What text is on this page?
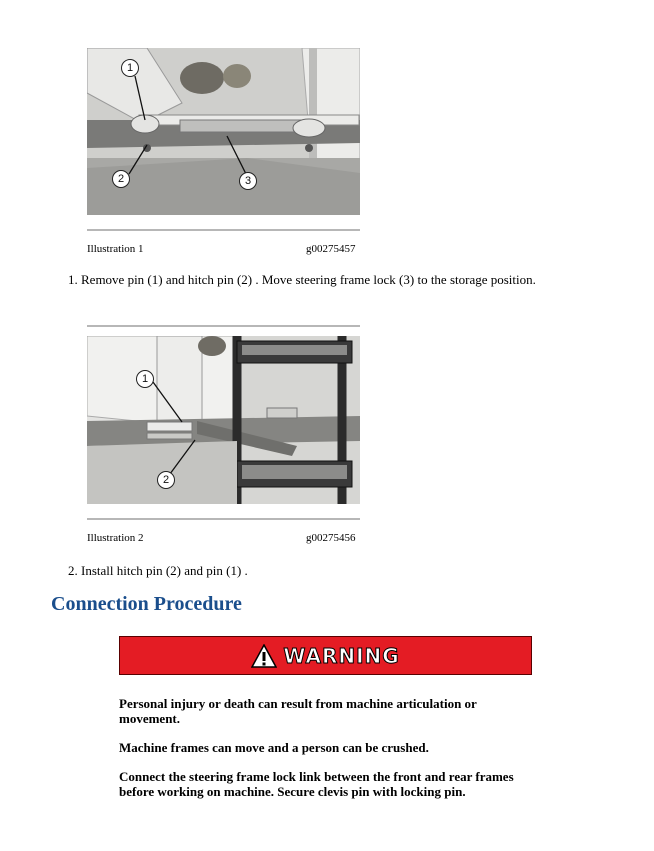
1
2	3
Illustration 1	g00275457
1. Remove pin (1) and hitch pin (2) . Move steering frame lock (3) to the storage position.
1
2
Illustration 2	g00275456
2. Install hitch pin (2) and pin (1) .
Connection Procedure
WARNING
Personal injury or death can result from machine articulation or movement.
Machine frames can move and a person can be crushed.
Connect the steering frame lock link between the front and rear frames before working on machine. Secure clevis pin with locking pin.
